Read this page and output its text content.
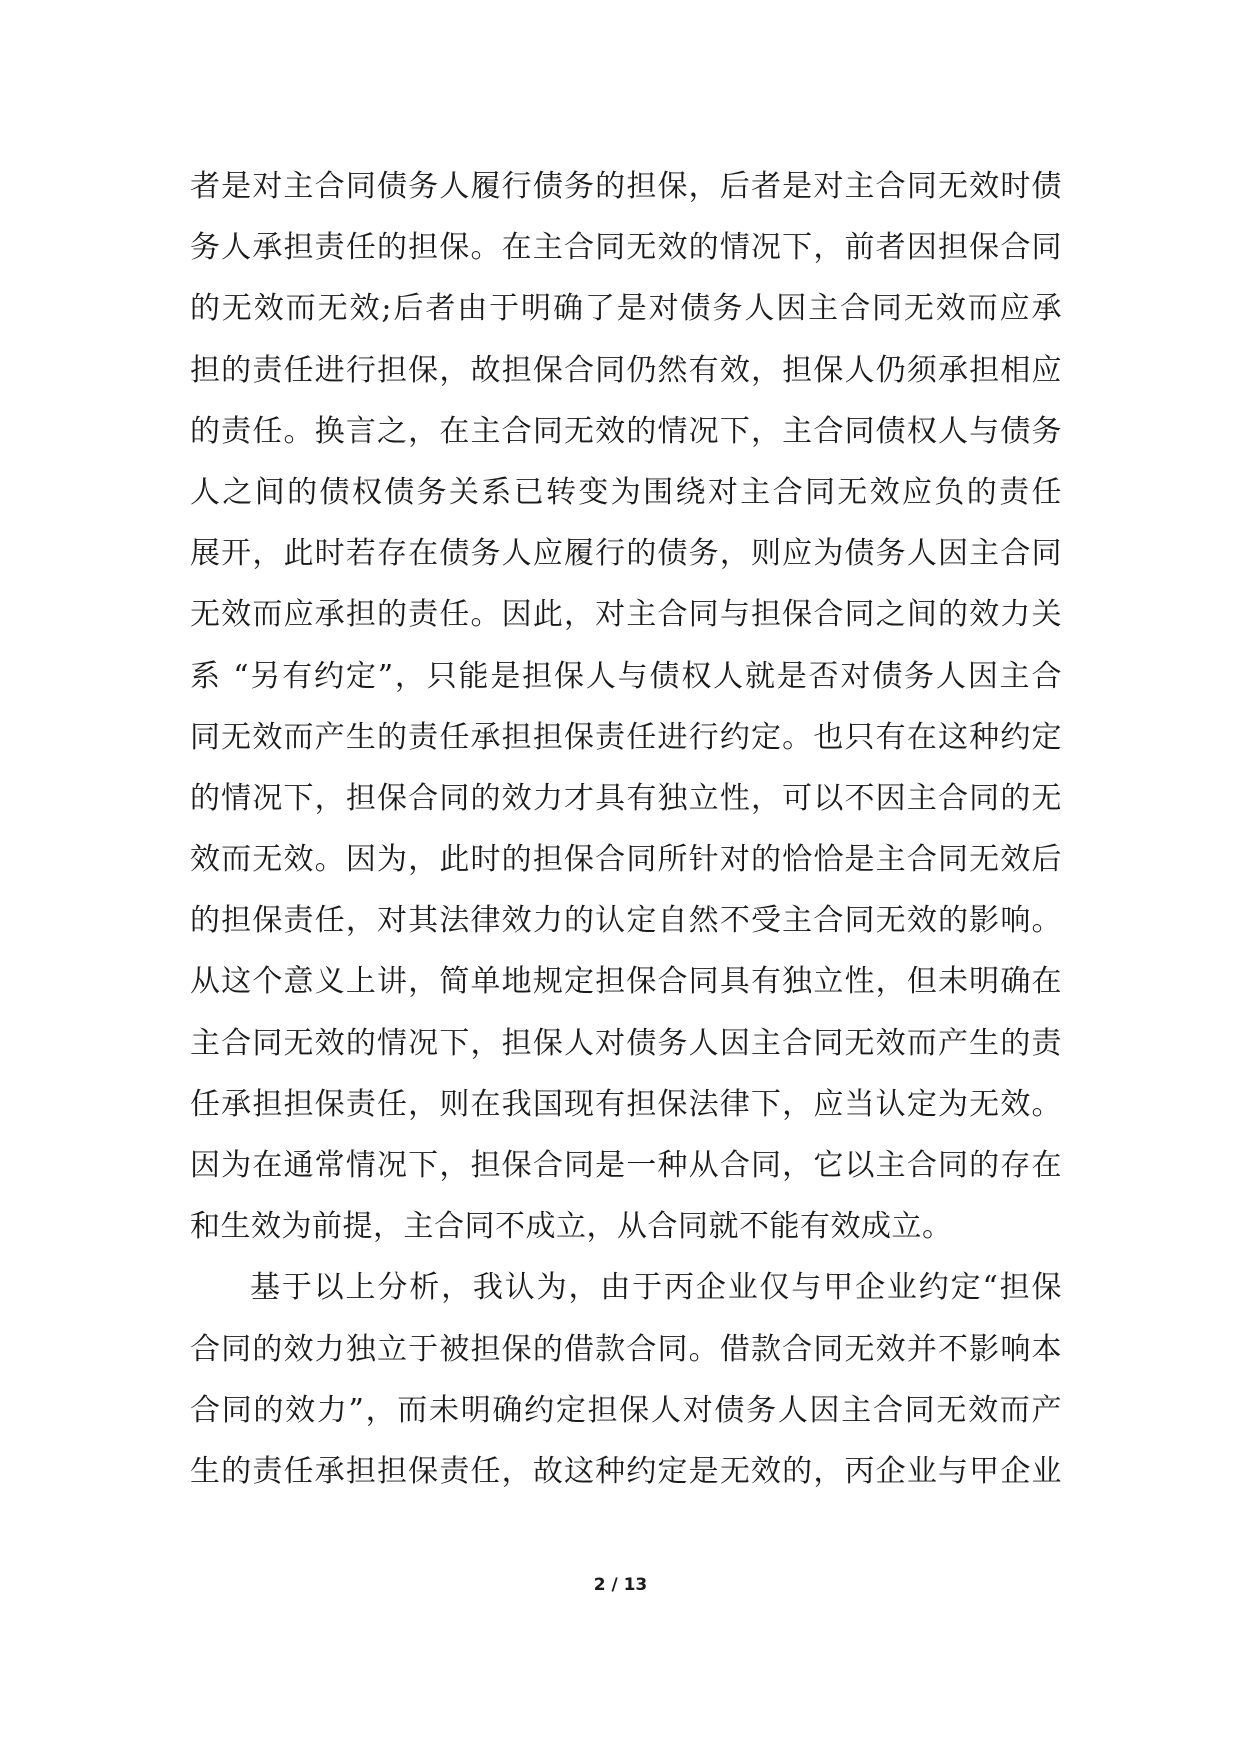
者是对主合同债务人履行债务的担保，后者是对主合同无效时债
务人承担责任的担保。在主合同无效的情况下，前者因担保合同
的无效而无效;后者由于明确了是对债务人因主合同无效而应承
担的责任进行担保，故担保合同仍然有效，担保人仍须承担相应
的责任。换言之，在主合同无效的情况下，主合同债权人与债务
人之间的债权债务关系已转变为围绕对主合同无效应负的责任
展开，此时若存在债务人应履行的债务，则应为债务人因主合同
无效而应承担的责任。因此，对主合同与担保合同之间的效力关
系 “另有约定”，只能是担保人与债权人就是否对债务人因主合
同无效而产生的责任承担担保责任进行约定。也只有在这种约定
的情况下，担保合同的效力才具有独立性，可以不因主合同的无
效而无效。因为，此时的担保合同所针对的恰恰是主合同无效后
的担保责任，对其法律效力的认定自然不受主合同无效的影响。
从这个意义上讲，简单地规定担保合同具有独立性，但未明确在
主合同无效的情况下，担保人对债务人因主合同无效而产生的责
任承担担保责任，则在我国现有担保法律下，应当认定为无效。
因为在通常情况下，担保合同是一种从合同，它以主合同的存在
和生效为前提，主合同不成立，从合同就不能有效成立。
基于以上分析，我认为，由于丙企业仅与甲企业约定“担保
合同的效力独立于被担保的借款合同。借款合同无效并不影响本
合同的效力”，而未明确约定担保人对债务人因主合同无效而产
生的责任承担担保责任，故这种约定是无效的，丙企业与甲企业
2 / 13
